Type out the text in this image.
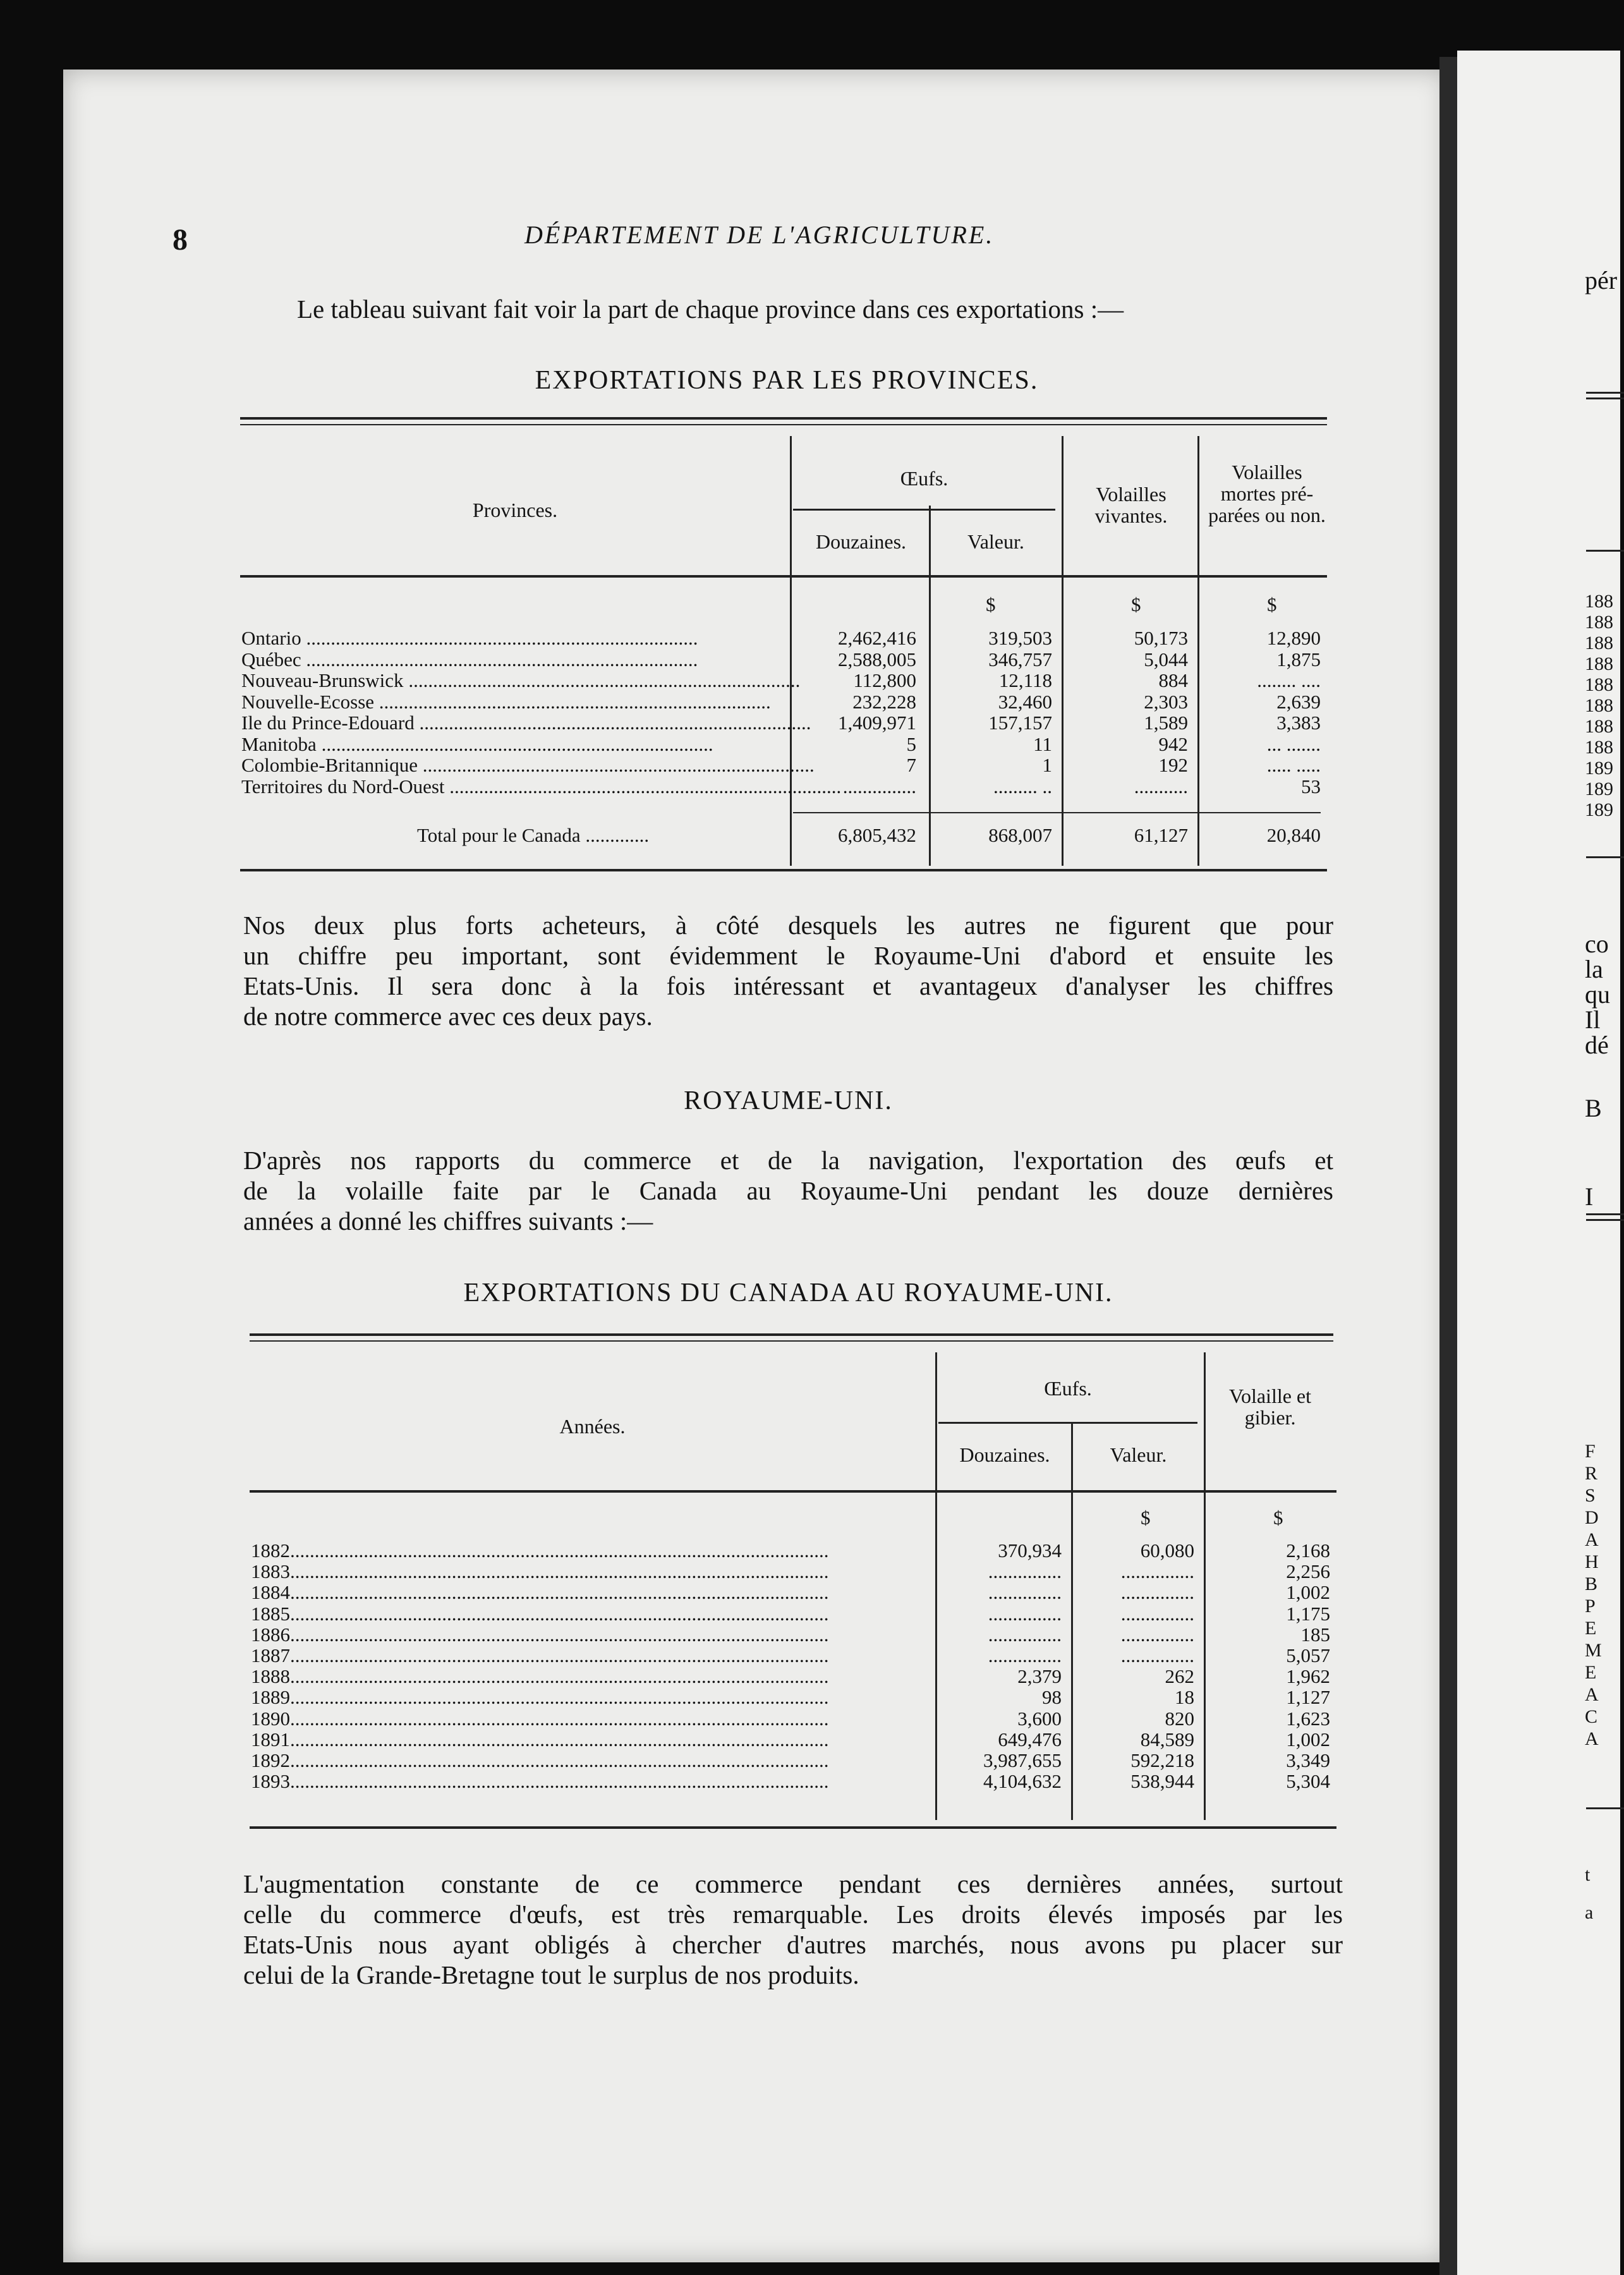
pér
188
188
188
188
188
188
188
188
189
189
189
co
la
qu
Il
dé
B
I
F
R
S
D
A
H
B
P
E
M
E
A
C
A
t
a
8	DÉPARTEMENT DE L'AGRICULTURE.
Le tableau suivant fait voir la part de chaque province dans ces exportations :—
EXPORTATIONS PAR LES PROVINCES.
Provinces.
Œufs.
Douzaines.	Valeur.
Volailles vivantes.
Volailles mortes pré-parées ou non.
$	$	$
Ontario ................................................................................	2,462,416	319,503	50,173	12,890
Québec ................................................................................	2,588,005	346,757	5,044	1,875
Nouveau-Brunswick ................................................................................	112,800	12,118	884	........ ....
Nouvelle-Ecosse ................................................................................	232,228	32,460	2,303	2,639
Ile du Prince-Edouard ................................................................................	1,409,971	157,157	1,589	3,383
Manitoba ................................................................................	5	11	942	... .......
Colombie-Britannique ................................................................................	7	1	192	..... .....
Territoires du Nord-Ouest ................................................................................ ...............	......... ..	...........	53
Total pour le Canada .............	6,805,432	868,007	61,127	20,840
Nos deux plus forts acheteurs, à côté desquels les autres ne figurent que pour
un chiffre peu important, sont évidemment le Royaume-Uni d'abord et ensuite les
Etats-Unis. Il sera donc à la fois intéressant et avantageux d'analyser les chiffres
de notre commerce avec ces deux pays.
ROYAUME-UNI.
D'après nos rapports du commerce et de la navigation, l'exportation des œufs et
de la volaille faite par le Canada au Royaume-Uni pendant les douze dernières
années a donné les chiffres suivants :—
EXPORTATIONS DU CANADA AU ROYAUME-UNI.
Années.
Œufs.
Douzaines.	Valeur.
Volaille et gibier.
$	$
1882..............................................................................................................	370,934	60,080	2,168
1883..............................................................................................................	...............	...............	2,256
1884..............................................................................................................	...............	...............	1,002
1885..............................................................................................................	...............	...............	1,175
1886..............................................................................................................	...............	...............	185
1887..............................................................................................................	...............	...............	5,057
1888..............................................................................................................	2,379	262	1,962
1889..............................................................................................................	98	18	1,127
1890..............................................................................................................	3,600	820	1,623
1891..............................................................................................................	649,476	84,589	1,002
1892..............................................................................................................	3,987,655	592,218	3,349
1893..............................................................................................................	4,104,632	538,944	5,304
L'augmentation constante de ce commerce pendant ces dernières années, surtout
celle du commerce d'œufs, est très remarquable. Les droits élevés imposés par les
Etats-Unis nous ayant obligés à chercher d'autres marchés, nous avons pu placer sur
celui de la Grande-Bretagne tout le surplus de nos produits.
